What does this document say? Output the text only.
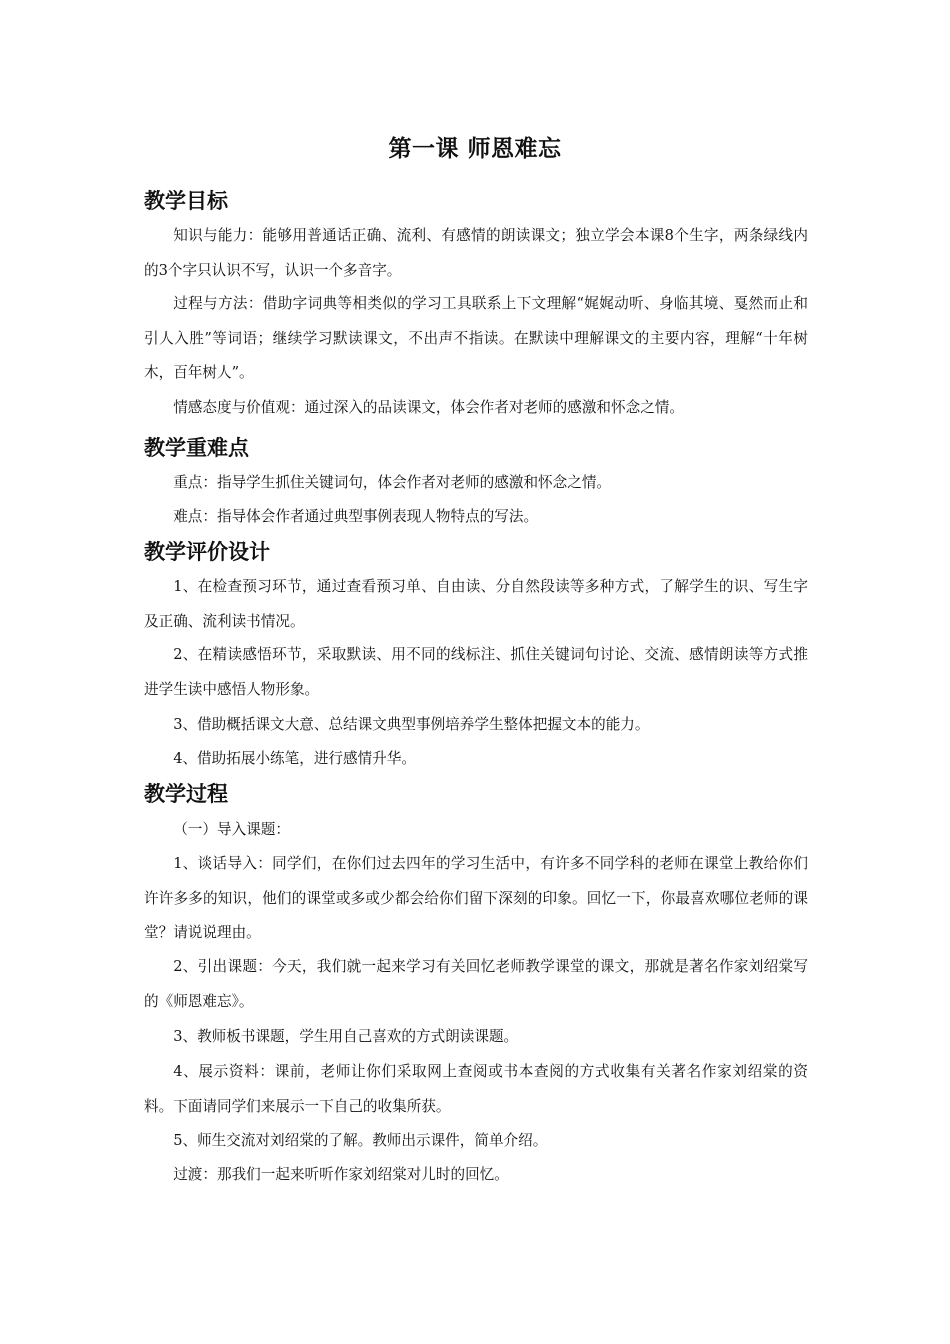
第一课 师恩难忘
教学目标
知识与能力：能够用普通话正确、流利、有感情的朗读课文；独立学会本课8个生字，两条绿线内的3个字只认识不写，认识一个多音字。
过程与方法：借助字词典等相类似的学习工具联系上下文理解“娓娓动听、身临其境、戛然而止和引人入胜”等词语；继续学习默读课文，不出声不指读。在默读中理解课文的主要内容，理解“十年树木，百年树人”。
情感态度与价值观：通过深入的品读课文，体会作者对老师的感激和怀念之情。
教学重难点
重点：指导学生抓住关键词句，体会作者对老师的感激和怀念之情。
难点：指导体会作者通过典型事例表现人物特点的写法。
教学评价设计
1、在检查预习环节，通过查看预习单、自由读、分自然段读等多种方式，了解学生的识、写生字及正确、流利读书情况。
2、在精读感悟环节，采取默读、用不同的线标注、抓住关键词句讨论、交流、感情朗读等方式推进学生读中感悟人物形象。
3、借助概括课文大意、总结课文典型事例培养学生整体把握文本的能力。
4、借助拓展小练笔，进行感情升华。
教学过程
（一）导入课题：
1、谈话导入：同学们，在你们过去四年的学习生活中，有许多不同学科的老师在课堂上教给你们许许多多的知识，他们的课堂或多或少都会给你们留下深刻的印象。回忆一下，你最喜欢哪位老师的课堂？请说说理由。
2、引出课题：今天，我们就一起来学习有关回忆老师教学课堂的课文，那就是著名作家刘绍棠写的《师恩难忘》。
3、教师板书课题，学生用自己喜欢的方式朗读课题。
4、展示资料：课前，老师让你们采取网上查阅或书本查阅的方式收集有关著名作家刘绍棠的资料。下面请同学们来展示一下自己的收集所获。
5、师生交流对刘绍棠的了解。教师出示课件，简单介绍。
过渡：那我们一起来听听作家刘绍棠对儿时的回忆。
